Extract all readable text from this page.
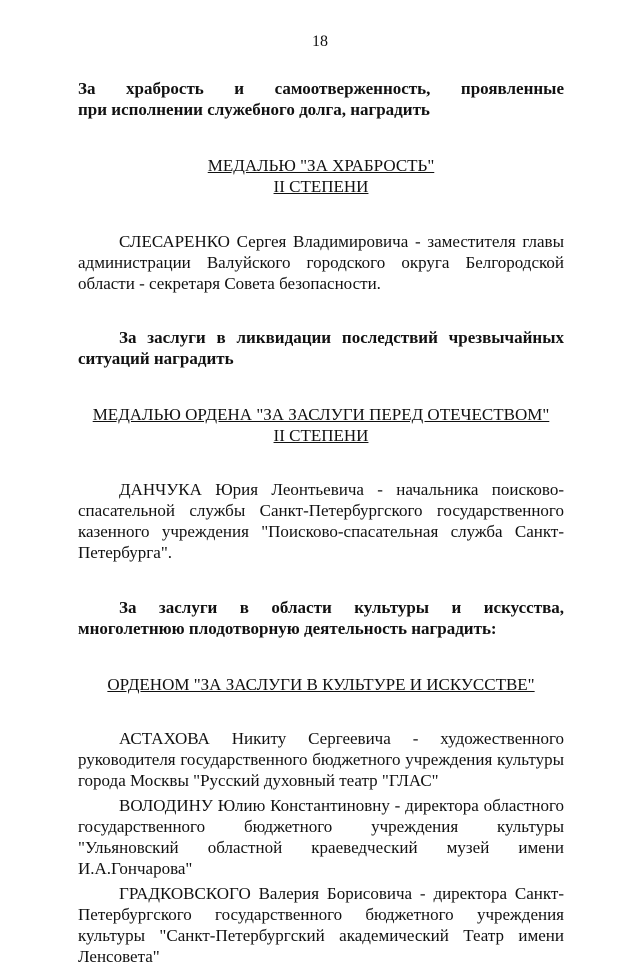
18

За храбрость и самоотверженность, проявленные

при исполнении служебного долга, наградить

МЕДАЛЬЮ "ЗА ХРАБРОСТЬ"
II СТЕПЕНИ

СЛЕСАРЕНКО Сергея Владимировича - заместителя главы администрации Валуйского городского округа Белгородской области - секретаря Совета безопасности.

За заслуги в ликвидации последствий чрезвычайных ситуаций наградить

МЕДАЛЬЮ ОРДЕНА "ЗА ЗАСЛУГИ ПЕРЕД ОТЕЧЕСТВОМ"
II СТЕПЕНИ

ДАНЧУКА Юрия Леонтьевича - начальника поисково-спасательной службы Санкт-Петербургского государственного казенного учреждения "Поисково-спасательная служба Санкт-Петербурга".

За заслуги в области культуры и искусства, многолетнюю плодотворную деятельность наградить:

ОРДЕНОМ "ЗА ЗАСЛУГИ В КУЛЬТУРЕ И ИСКУССТВЕ"

АСТАХОВА Никиту Сергеевича - художественного руководителя государственного бюджетного учреждения культуры города Москвы "Русский духовный театр "ГЛАС"

ВОЛОДИНУ Юлию Константиновну - директора областного государственного бюджетного учреждения культуры "Ульяновский областной краеведческий музей имени И.А.Гончарова"

ГРАДКОВСКОГО Валерия Борисовича - директора Санкт-Петербургского государственного бюджетного учреждения культуры "Санкт-Петербургский академический Театр имени Ленсовета"
